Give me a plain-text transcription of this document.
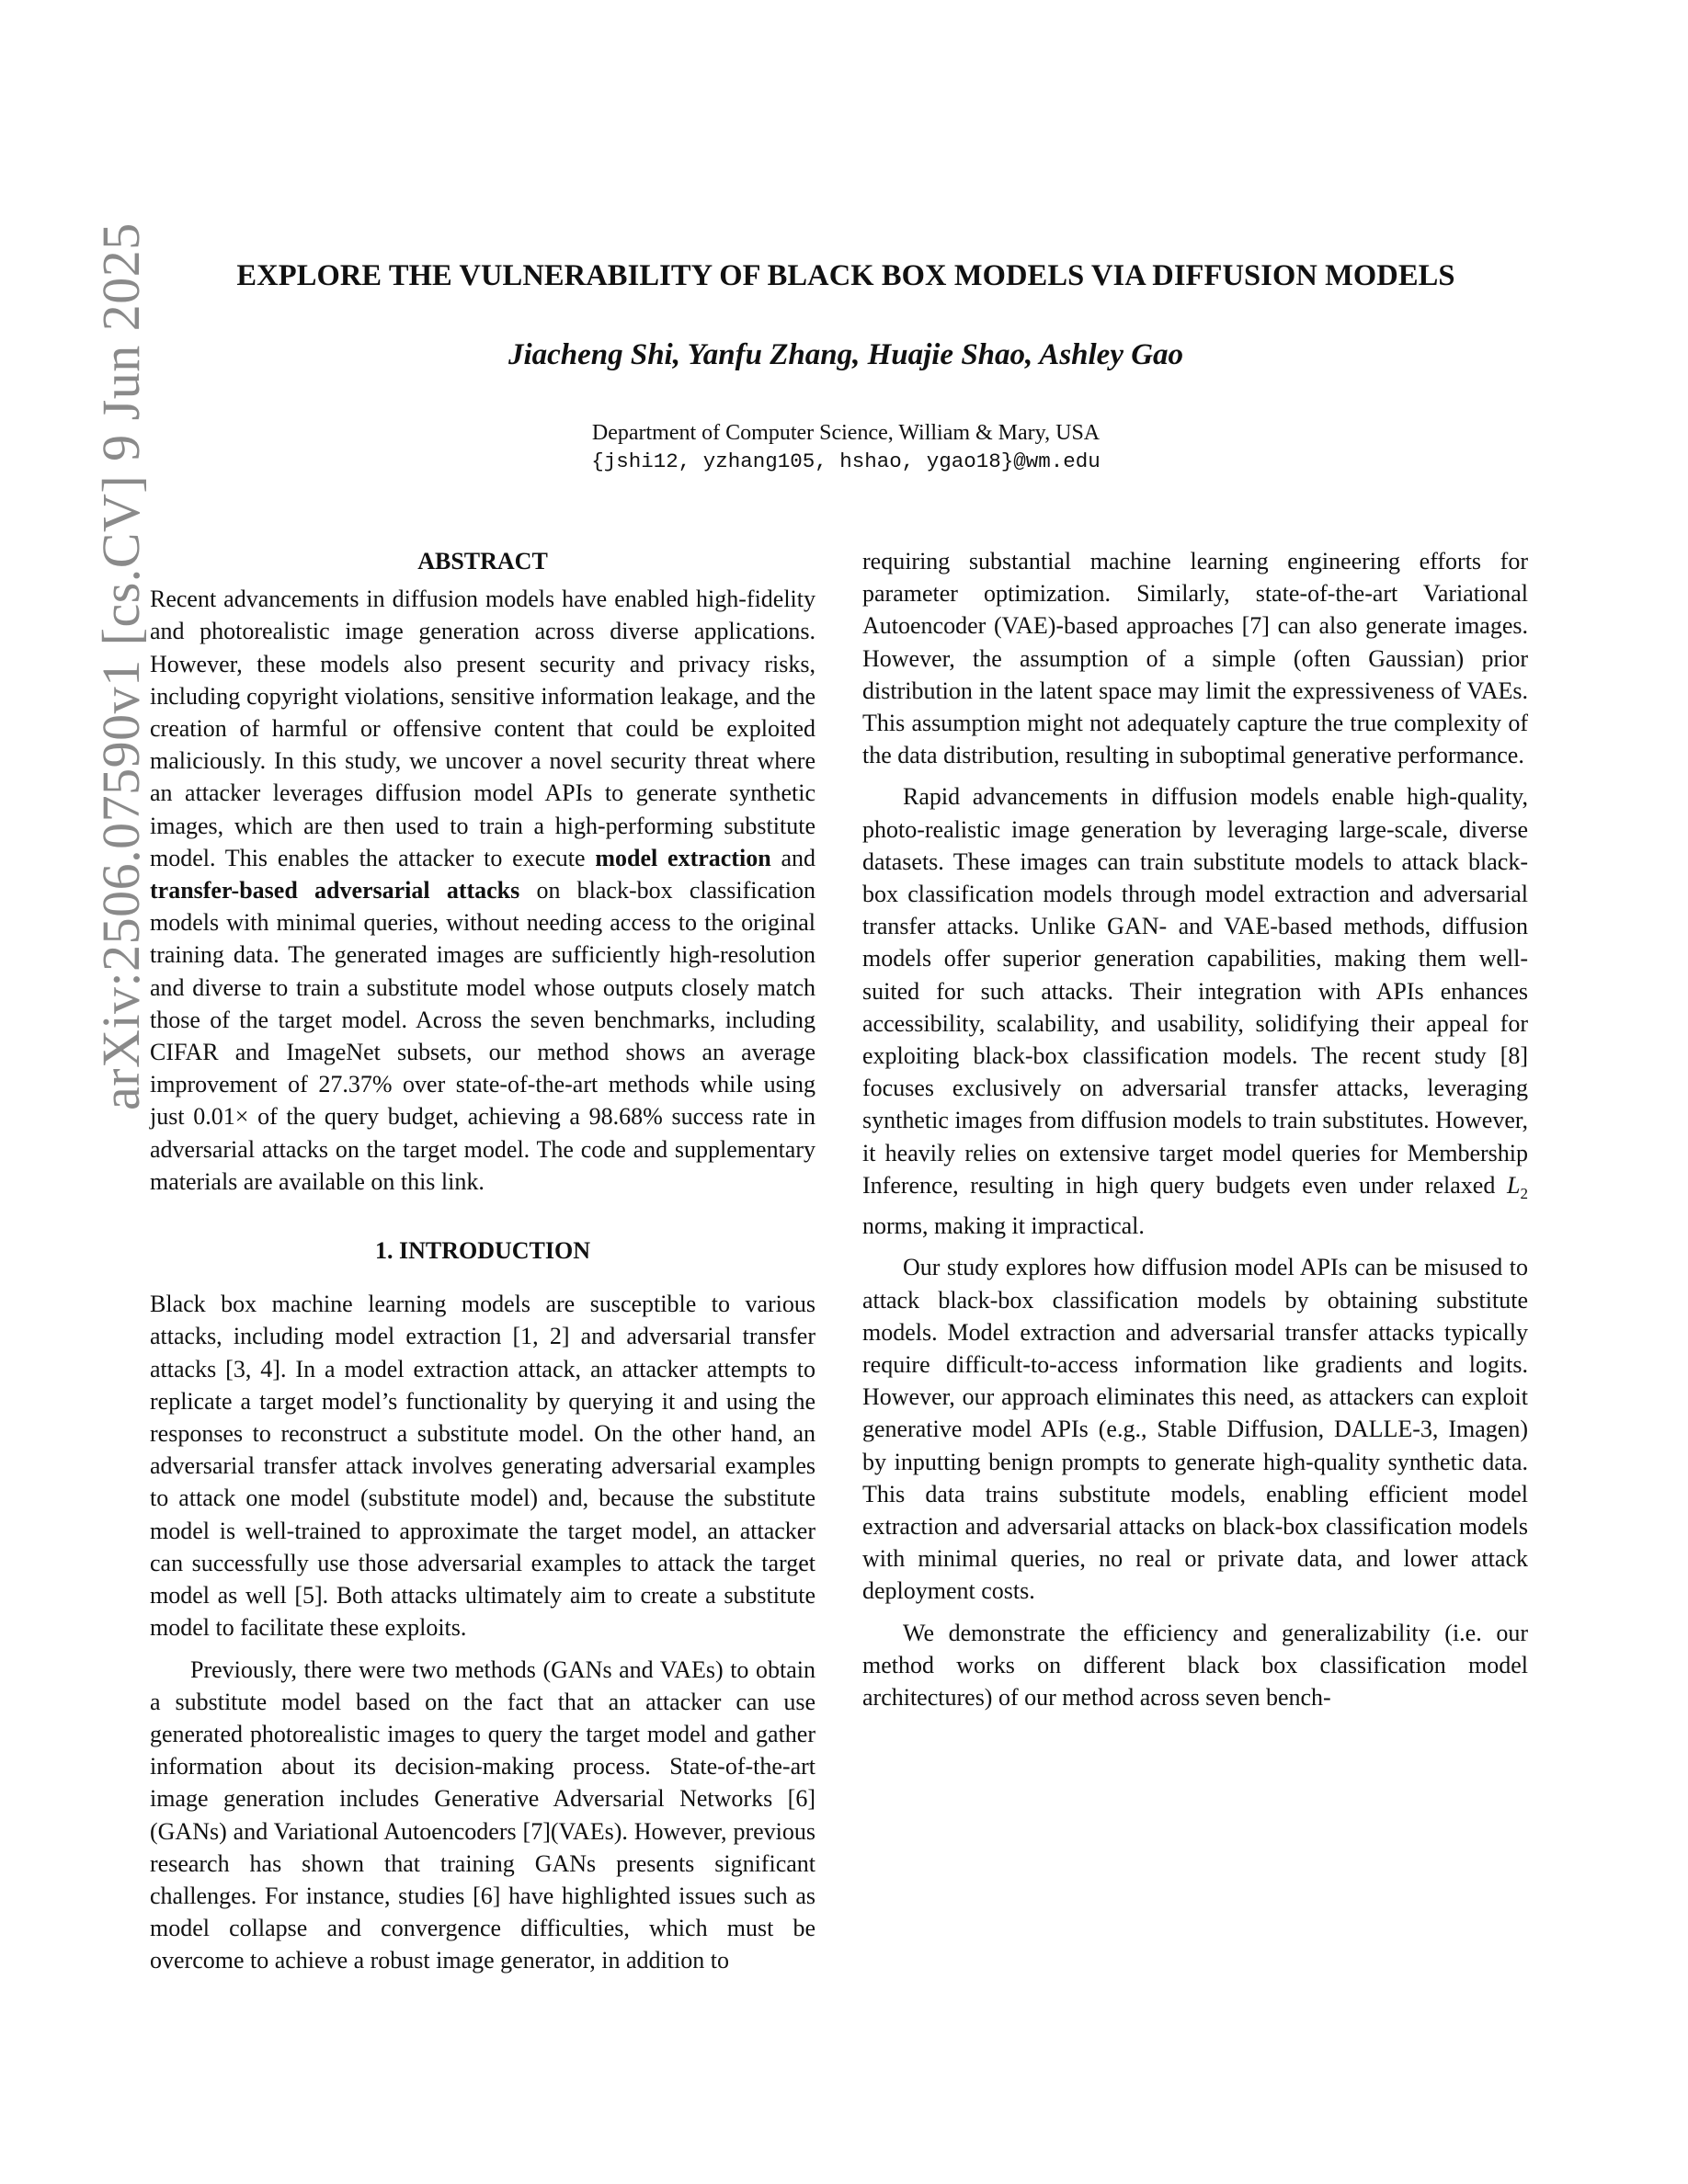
arXiv:2506.07590v1 [cs.CV] 9 Jun 2025	EXPLORE THE VULNERABILITY OF BLACK BOX MODELS VIA DIFFUSION MODELS
Jiacheng Shi, Yanfu Zhang, Huajie Shao, Ashley Gao
Department of Computer Science, William & Mary, USA
{jshi12, yzhang105, hshao, ygao18}@wm.edu
ABSTRACT

Recent advancements in diffusion models have enabled high-fidelity and photorealistic image generation across diverse applications. However, these models also present security and privacy risks, including copyright violations, sensitive information leakage, and the creation of harmful or offensive content that could be exploited maliciously. In this study, we uncover a novel security threat where an attacker leverages diffusion model APIs to generate synthetic images, which are then used to train a high-performing substitute model. This enables the attacker to execute model extraction and transfer-based adversarial attacks on black-box classification models with minimal queries, without needing access to the original training data. The generated images are sufficiently high-resolution and diverse to train a substitute model whose outputs closely match those of the target model. Across the seven benchmarks, including CIFAR and ImageNet subsets, our method shows an average improvement of 27.37% over state-of-the-art methods while using just 0.01× of the query budget, achieving a 98.68% success rate in adversarial attacks on the target model. The code and supplementary materials are available on this link.

1. INTRODUCTION

Black box machine learning models are susceptible to various attacks, including model extraction [1, 2] and adversarial transfer attacks [3, 4]. In a model extraction attack, an attacker attempts to replicate a target model’s functionality by querying it and using the responses to reconstruct a substitute model. On the other hand, an adversarial transfer attack involves generating adversarial examples to attack one model (substitute model) and, because the substitute model is well-trained to approximate the target model, an attacker can successfully use those adversarial examples to attack the target model as well [5]. Both attacks ultimately aim to create a substitute model to facilitate these exploits.

Previously, there were two methods (GANs and VAEs) to obtain a substitute model based on the fact that an attacker can use generated photorealistic images to query the target model and gather information about its decision-making process. State-of-the-art image generation includes Generative Adversarial Networks [6] (GANs) and Variational Autoencoders [7](VAEs). However, previous research has shown that training GANs presents significant challenges. For instance, studies [6] have highlighted issues such as model collapse and convergence difficulties, which must be overcome to achieve a robust image generator, in addition to

requiring substantial machine learning engineering efforts for parameter optimization. Similarly, state-of-the-art Variational Autoencoder (VAE)-based approaches [7] can also generate images. However, the assumption of a simple (often Gaussian) prior distribution in the latent space may limit the expressiveness of VAEs. This assumption might not adequately capture the true complexity of the data distribution, resulting in suboptimal generative performance.

Rapid advancements in diffusion models enable high-quality, photo-realistic image generation by leveraging large-scale, diverse datasets. These images can train substitute models to attack black-box classification models through model extraction and adversarial transfer attacks. Unlike GAN- and VAE-based methods, diffusion models offer superior generation capabilities, making them well-suited for such attacks. Their integration with APIs enhances accessibility, scalability, and usability, solidifying their appeal for exploiting black-box classification models. The recent study [8] focuses exclusively on adversarial transfer attacks, leveraging synthetic images from diffusion models to train substitutes. However, it heavily relies on extensive target model queries for Membership Inference, resulting in high query budgets even under relaxed $L_2$ norms, making it impractical.

Our study explores how diffusion model APIs can be misused to attack black-box classification models by obtaining substitute models. Model extraction and adversarial transfer attacks typically require difficult-to-access information like gradients and logits. However, our approach eliminates this need, as attackers can exploit generative model APIs (e.g., Stable Diffusion, DALLE-3, Imagen) by inputting benign prompts to generate high-quality synthetic data. This data trains substitute models, enabling efficient model extraction and adversarial attacks on black-box classification models with minimal queries, no real or private data, and lower attack deployment costs.

We demonstrate the efficiency and generalizability (i.e. our method works on different black box classification model architectures) of our method across seven bench-
